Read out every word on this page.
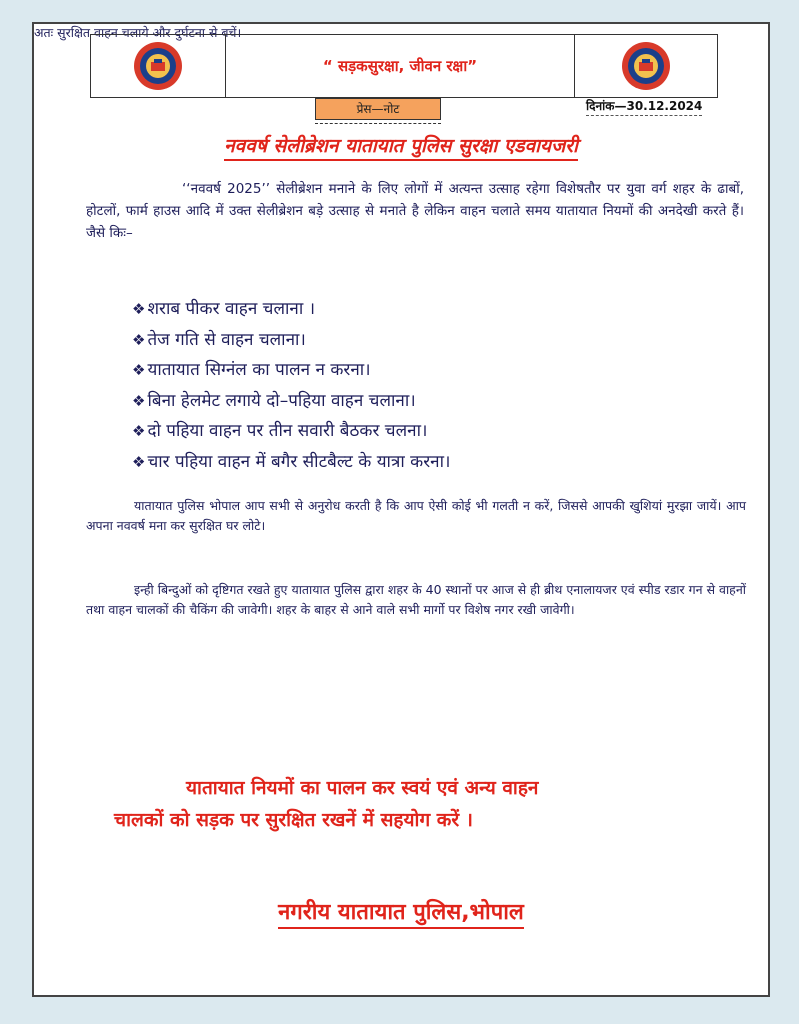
“ सड़कसुरक्षा, जीवन रक्षा”
प्रेस—नोट	दिनांक—30.12.2024
नववर्ष सेलीब्रेशन यातायात पुलिस सुरक्षा एडवायजरी
‘‘नववर्ष 2025’’ सेलीब्रेशन मनाने के लिए लोगों में अत्यन्त उत्साह रहेगा विशेषतौर पर युवा वर्ग शहर के ढाबों, होटलों, फार्म हाउस आदि में उक्त सेलीब्रेशन बड़े उत्साह से मनाते है लेकिन वाहन चलाते समय यातायात नियमों की अनदेखी करते हैं। जैसे किः–
❖ शराब पीकर वाहन चलाना ।
❖ तेज गति से वाहन चलाना।
❖ यातायात सिग्नंल का पालन न करना।
❖ बिना हेलमेट लगाये दो–पहिया वाहन चलाना।
❖ दो पहिया वाहन पर तीन सवारी बैठकर चलना।
❖ चार पहिया वाहन में बगैर सीटबैल्ट के यात्रा करना।
यातायात पुलिस भोपाल आप सभी से अनुरोध करती है कि आप ऐसी कोई भी गलती न करें, जिससे आपकी खुशियां मुरझा जायें। आप अपना नववर्ष मना कर सुरक्षित घर लोटे।
इन्ही बिन्दुओं को दृष्टिगत रखते हुए यातायात पुलिस द्वारा शहर के 40 स्थानों पर आज से ही ब्रीथ एनालायजर एवं स्पीड रडार गन से वाहनों तथा वाहन चालकों की चैकिंग की जावेगी। शहर के बाहर से आने वाले सभी मार्गो पर विशेष नगर रखी जावेगी।
अतः सुरक्षित वाहन चलाये और दुर्घटना से बचें।
यातायात नियमों का पालन कर स्वयं एवं अन्य वाहन
चालकों को सड़क पर सुरक्षित रखनें में सहयोग करें ।
नगरीय यातायात पुलिस,भोपाल
